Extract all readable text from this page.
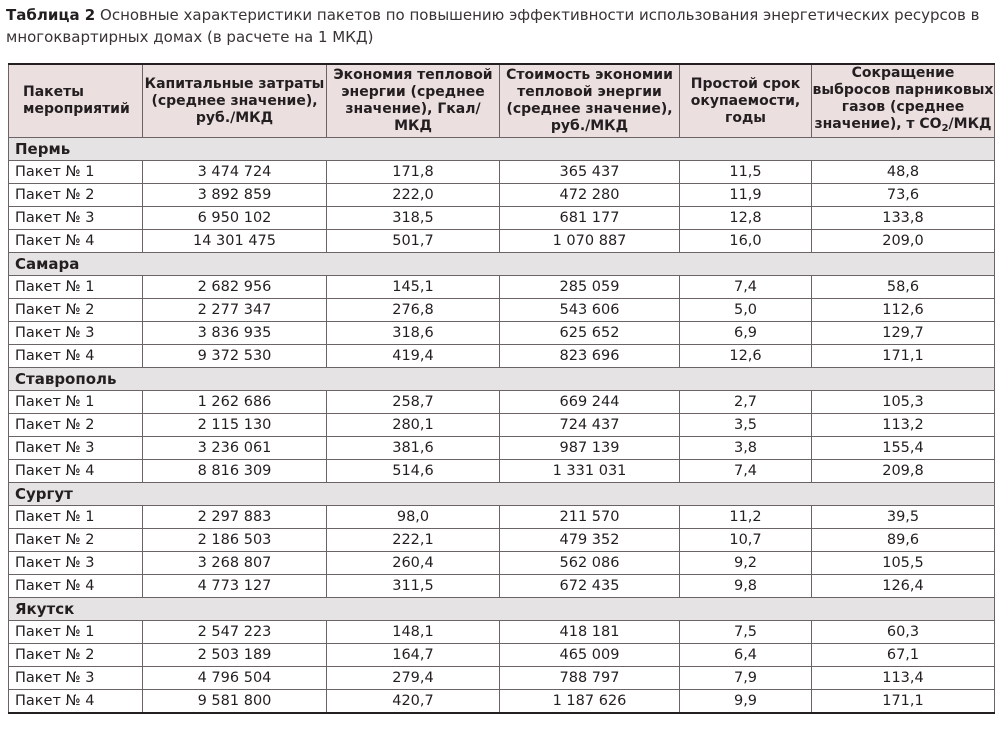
Таблица 2 Основные характеристики пакетов по повышению эффективности использования энергетических ресурсов в многоквартирных домах (в расчете на 1 МКД)
Пакеты мероприятий	Капитальные затраты (среднее значение), руб./МКД	Экономия тепловой энергии (среднее значение), Гкал/МКД	Стоимость экономии тепловой энергии (среднее значение), руб./МКД	Простой срок окупаемости, годы	Сокращение выбросов парниковых газов (среднее значение), т $СО_2$/МКД
Пермь					
Пакет № 1	3 474 724	171,8	365 437	11,5	48,8
Пакет № 2	3 892 859	222,0	472 280	11,9	73,6
Пакет № 3	6 950 102	318,5	681 177	12,8	133,8
Пакет № 4	14 301 475	501,7	1 070 887	16,0	209,0
Самара					
Пакет № 1	2 682 956	145,1	285 059	7,4	58,6
Пакет № 2	2 277 347	276,8	543 606	5,0	112,6
Пакет № 3	3 836 935	318,6	625 652	6,9	129,7
Пакет № 4	9 372 530	419,4	823 696	12,6	171,1
Ставрополь					
Пакет № 1	1 262 686	258,7	669 244	2,7	105,3
Пакет № 2	2 115 130	280,1	724 437	3,5	113,2
Пакет № 3	3 236 061	381,6	987 139	3,8	155,4
Пакет № 4	8 816 309	514,6	1 331 031	7,4	209,8
Сургут					
Пакет № 1	2 297 883	98,0	211 570	11,2	39,5
Пакет № 2	2 186 503	222,1	479 352	10,7	89,6
Пакет № 3	3 268 807	260,4	562 086	9,2	105,5
Пакет № 4	4 773 127	311,5	672 435	9,8	126,4
Якутск					
Пакет № 1	2 547 223	148,1	418 181	7,5	60,3
Пакет № 2	2 503 189	164,7	465 009	6,4	67,1
Пакет № 3	4 796 504	279,4	788 797	7,9	113,4
Пакет № 4	9 581 800	420,7	1 187 626	9,9	171,1
